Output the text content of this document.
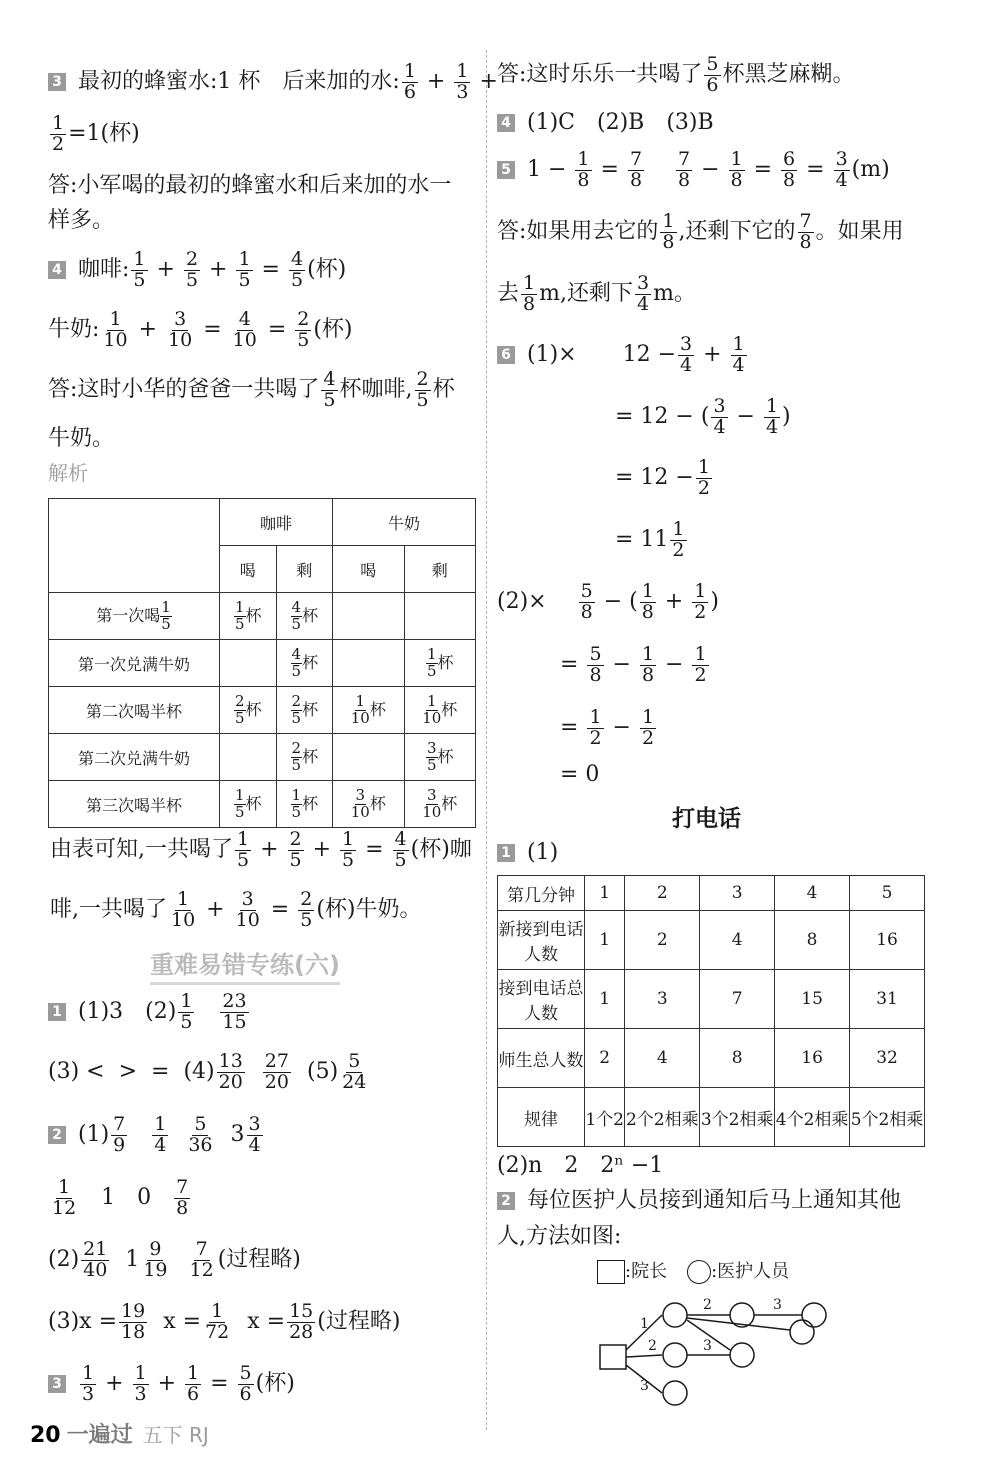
3 最初的蜂蜜水:1 杯　后来加的水: $\frac{1}{6} + \frac{1}{3}$
+
$\frac{1}{2} =1$(杯)
答:小军喝的最初的蜂蜜水和后来加的水一
样多。
4 咖啡: $\frac{1}{5} + \frac{2}{5} + \frac{1}{5} = \frac{4}{5}$ (杯)
牛奶: $\frac{1}{10} + \frac{3}{10} = \frac{4}{10} = \frac{2}{5}$ (杯)
答:这时小华的爸爸一共喝了 $\frac{4}{5}$ 杯咖啡, $\frac{2}{5}$ 杯
牛奶。
解析
	咖啡		牛奶	
	喝	剩	喝	剩
第一次喝 $\frac{1}{5}$	$\frac{1}{5}$ 杯	$\frac{4}{5}$ 杯		
第一次兑满牛奶		$\frac{4}{5}$ 杯		$\frac{1}{5}$ 杯
第二次喝半杯	$\frac{2}{5}$ 杯	$\frac{2}{5}$ 杯	$\frac{1}{10}$ 杯	$\frac{1}{10}$ 杯
第二次兑满牛奶		$\frac{2}{5}$ 杯		$\frac{3}{5}$ 杯
第三次喝半杯	$\frac{1}{5}$ 杯	$\frac{1}{5}$ 杯	$\frac{3}{10}$ 杯	$\frac{3}{10}$ 杯
由表可知,一共喝了 $\frac{1}{5} + \frac{2}{5} + \frac{1}{5} = \frac{4}{5}$ (杯)咖
啡,一共喝了 $\frac{1}{10} + \frac{3}{10} = \frac{2}{5}$ (杯)牛奶。
重难易错专练(六)
1 (1)3　$(2) \frac{1}{5} \frac{23}{15}$
(3) <  >  = $(4) \frac{13}{20}$
$\frac{27}{20}$
$(5) \frac{5}{24}$
2 $(1) \frac{7}{9}$
$\frac{1}{4}$
$\frac{5}{36} 3 \frac{3}{4}$
$\frac{1}{12}$
1　0
$\frac{7}{8}$
$(2) \frac{21}{40} 1 \frac{9}{19}$
$\frac{7}{12}$ (过程略)
$(3)x = \frac{19}{18}$
$x = \frac{1}{72}$
$x = \frac{15}{28}$ (过程略)
$3 \frac{1}{3} + \frac{1}{3} + \frac{1}{6} = \frac{5}{6}$ (杯)
20 一遍过 五下 RJ
答:这时乐乐一共喝了 $\frac{5}{6}$ 杯黑芝麻糊。
4 (1)C　(2)B　(3)B
5 $1 - \frac{1}{8} = \frac{7}{8}$
$\frac{7}{8} - \frac{1}{8} = \frac{6}{8} = \frac{3}{4} (m)$
答:如果用去它的 $\frac{1}{8}$ ,还剩下它的 $\frac{7}{8}$ 。如果用
去 $\frac{1}{8} m$,还剩下 $\frac{3}{4}$ m。
6 $(1)\times 12 - \frac{3}{4} + \frac{1}{4}$
= 12 − ( $\frac{3}{4} - \frac{1}{4}$ )
= $12 - \frac{1}{2}$
= $11 \frac{1}{2}$
$(2)\times \frac{5}{8}$ − ( $\frac{1}{8} + \frac{1}{2}$ )
= $\frac{5}{8} - \frac{1}{8} - \frac{1}{2}$
= $\frac{1}{2} - \frac{1}{2}$
= 0
打电话
1 (1)
第几分钟	1	2	3	4	5
新接到电话人数	1	2	4	8	16
接到电话总人数	1	3	7	15	31
师生总人数	2	4	8	16	32
规律	1个2	2个2相乘	3个2相乘	4个2相乘	5个2相乘
(2)n　2　2ⁿ −1
2 每位医护人员接到通知后马上通知其他
人,方法如图:
:院长 :医护人员
1
2
3
2
3
3
